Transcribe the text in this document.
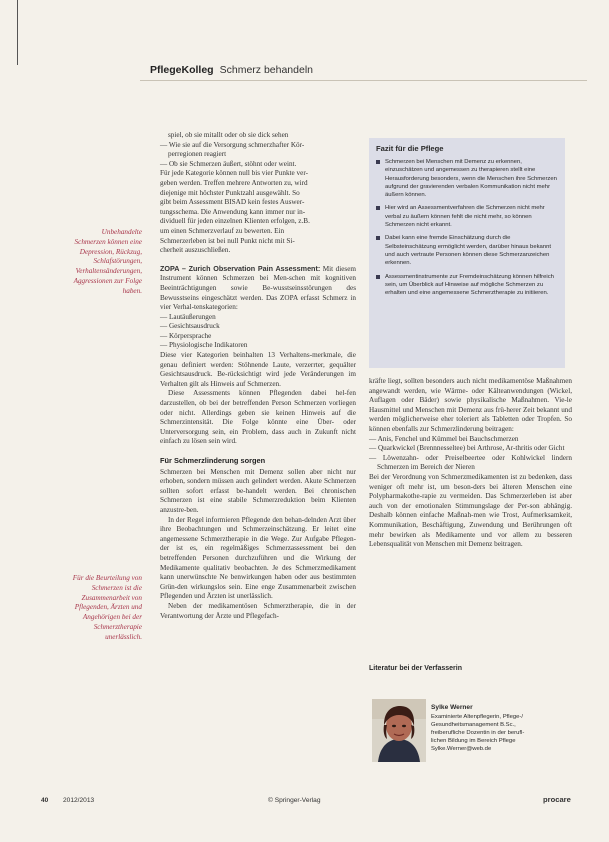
PflegeKolleg Schmerz behandeln
Unbehandelte Schmerzen können eine Depression, Rückzug, Schlafstörungen, Verhaltensänderungen, Aggressionen zur Folge haben.
Für die Beurteilung von Schmerzen ist die Zusammenarbeit von Pflegenden, Ärzten und Angehörigen bei der Schmerztherapie unerlässlich.

spiel, ob sie mitallt oder ob sie dick sehen

— Wie sie auf die Versorgung schmerzhafter Kör-

perregionen reagiert

— Ob sie Schmerzen äußert, stöhnt oder weint.

Für jede Kategorie können null bis vier Punkte ver-

geben werden. Treffen mehrere Antworten zu, wird

diejenige mit höchster Punktzahl ausgewählt. So

gibt beim Assessment BISAD kein festes Auswer-

tungsschema. Die Anwendung kann immer nur in-

dividuell für jeden einzelnen Klienten erfolgen, z.B.

um einen Schmerzverlauf zu bewerten. Ein

Schmerzerleben ist bei null Punkt nicht mit Si-

cherheit auszuschließen.

ZOPA – Zurich Observation Pain Assessment: Mit diesem Instrument können Schmerzen bei Men-schen mit kognitiven Beeinträchtigungen sowie Be-wusstseinsstörungen des Bewusstseins eingeschätzt werden. Das ZOPA erfasst Schmerz in vier Verhal-tenskategorien:

— Lautäußerungen

— Gesichtsausdruck

— Körpersprache

— Physiologische Indikatoren

Diese vier Kategorien beinhalten 13 Verhaltens-merkmale, die genau definiert werden: Stöhnende Laute, verzerrter, gequälter Gesichtsausdruck. Be-rücksichtigt wird jede Veränderungen im Verhalten gilt als Hinweis auf Schmerzen.

Diese Assessments können Pflegenden dabei hel-fen darzustellen, ob bei der betreffenden Person Schmerzen vorliegen oder nicht. Allerdings geben sie keinen Hinweis auf die Schmerzintensität. Die Folge könnte eine Über- oder Unterversorgung sein, ein Problem, dass auch in Zukunft nicht einfach zu lösen sein wird.

Für Schmerzlinderung sorgen

Schmerzen bei Menschen mit Demenz sollen aber nicht nur erhoben, sondern müssen auch gelindert werden. Akute Schmerzen sollten sofort erfasst be-handelt werden. Bei chronischen Schmerzen ist eine stabile Schmerzreduktion beim Klienten anzustre-ben.

In der Regel informieren Pflegende den behan-delnden Arzt über ihre Beobachtungen und Schmerzeinschätzung. Er leitet eine angemessene Schmerztherapie in die Wege. Zur Aufgabe Pflegen-der ist es, ein regelmäßiges Schmerzassessment bei den betreffenden Personen durchzuführen und die Wirkung der Medikamente qualitativ beobachten. Je des Schmerzmedikament kann unerwünschte Ne benwirkungen haben oder aus bestimmten Grün-den wirkungslos sein. Eine enge Zusammenarbeit zwischen Pflegenden und Ärzten ist unerlässlich.

Neben der medikamentösen Schmerztherapie, die in der Verantwortung der Ärzte und Pflegefach-

Fazit für die Pflege

Schmerzen bei Menschen mit Demenz zu erkennen, einzuschätzen und angemessen zu therapieren stellt eine Herausforderung besonders, wenn die Menschen ihre Schmerzen aufgrund der gravierenden verbalen Kommunikation nicht mehr äußern können.
Hier wird an Assessmentverfahren die Schmerzen nicht mehr verbal zu äußern können fehlt die nicht mehr, so können Schmerzen nicht erkannt.
Dabei kann eine fremde Einschätzung durch die Selbsteinschätzung ermöglicht werden, darüber hinaus bekannt und auch vertraute Personen können diese Schmerzanzeichen erkennen.
Assessmentinstrumente zur Fremdeinschätzung können hilfreich sein, um Überblick auf Hinweise auf mögliche Schmerzen zu erhalten und eine angemessene Schmerztherapie zu initiieren.

kräfte liegt, sollten besonders auch nicht medikamentöse Maßnahmen angewandt werden, wie Wärme- oder Kälteanwendungen (Wickel, Auflagen oder Bäder) sowie physikalische Maßnahmen. Vie-le Hausmittel und Menschen mit Demenz aus frü-herer Zeit bekannt und werden möglicherweise eher toleriert als Tabletten oder Tropfen. So können ebenfalls zur Schmerzlinderung beitragen:

— Anis, Fenchel und Kümmel bei Bauchschmerzen

— Quarkwickel (Brennnesseltee) bei Arthrose, Ar-thritis oder Gicht

— Löwenzahn- oder Preiselbeertee oder Kohlwickel lindern Schmerzen im Bereich der Nieren

Bei der Verordnung von Schmerzmedikamenten ist zu bedenken, dass weniger oft mehr ist, um beson-ders bei älteren Menschen eine Polypharmakothe-rapie zu vermeiden. Das Schmerzerleben ist aber auch von der emotionalen Stimmungslage der Per-son abhängig. Deshalb können einfache Maßnah-men wie Trost, Aufmerksamkeit, Kommunikation, Beschäftigung, Zuwendung und Berührungen oft mehr bewirken als Medikamente und vor allem zu besseren Lebensqualität von Menschen mit Demenz beitragen.

Literatur bei der Verfasserin
Sylke Werner
Examinierte Altenpflegerin, Pflege-/
Gesundheitsmanagement B.Sc.,
freiberufliche Dozentin in der berufl-
lichen Bildung im Bereich Pflege
Sylke.Werner@web.de
40 2012/2013	© Springer-Verlag	procare
